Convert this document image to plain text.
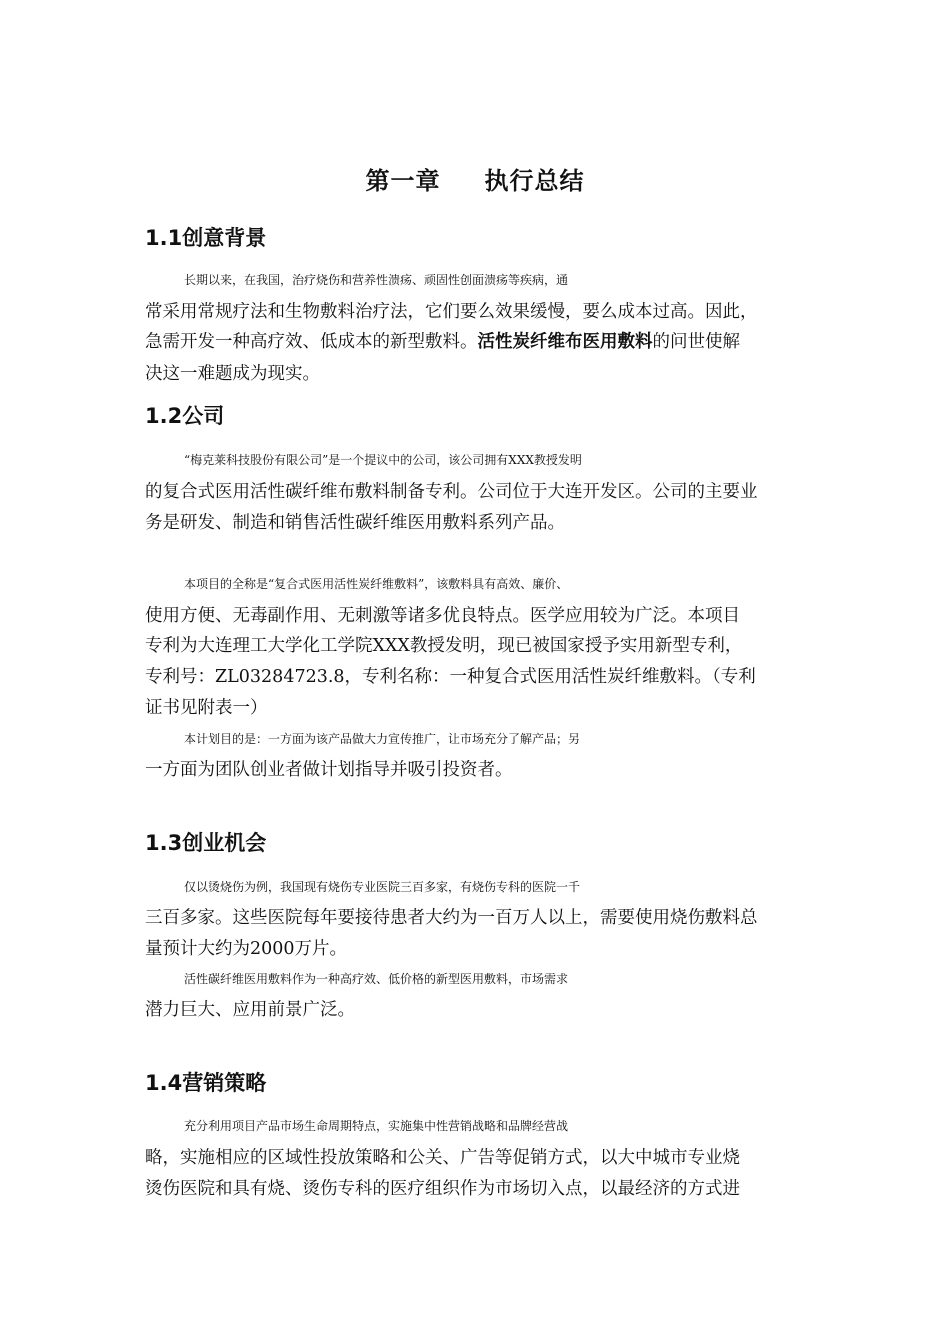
第一章 执行总结
1.1创意背景
长期以来，在我国，治疗烧伤和营养性溃疡、顽固性创面溃疡等疾病，通
常采用常规疗法和生物敷料治疗法，它们要么效果缓慢，要么成本过高。因此，
急需开发一种高疗效、低成本的新型敷料。活性炭纤维布医用敷料的问世使解
决这一难题成为现实。
1.2公司
“梅克莱科技股份有限公司”是一个提议中的公司，该公司拥有XXX教授发明
的复合式医用活性碳纤维布敷料制备专利。公司位于大连开发区。公司的主要业
务是研发、制造和销售活性碳纤维医用敷料系列产品。
本项目的全称是“复合式医用活性炭纤维敷料”，该敷料具有高效、廉价、
使用方便、无毒副作用、无刺激等诸多优良特点。医学应用较为广泛。本项目
专利为大连理工大学化工学院XXX教授发明，现已被国家授予实用新型专利，
专利号：ZL03284723.8，专利名称：一种复合式医用活性炭纤维敷料。（专利
证书见附表一）
本计划目的是：一方面为该产品做大力宣传推广，让市场充分了解产品；另
一方面为团队创业者做计划指导并吸引投资者。
1.3创业机会
仅以烫烧伤为例，我国现有烧伤专业医院三百多家，有烧伤专科的医院一千
三百多家。这些医院每年要接待患者大约为一百万人以上，需要使用烧伤敷料总
量预计大约为2000万片。
活性碳纤维医用敷料作为一种高疗效、低价格的新型医用敷料，市场需求
潜力巨大、应用前景广泛。
1.4营销策略
充分利用项目产品市场生命周期特点，实施集中性营销战略和品牌经营战
略，实施相应的区域性投放策略和公关、广告等促销方式，以大中城市专业烧
烫伤医院和具有烧、烫伤专科的医疗组织作为市场切入点，以最经济的方式进
